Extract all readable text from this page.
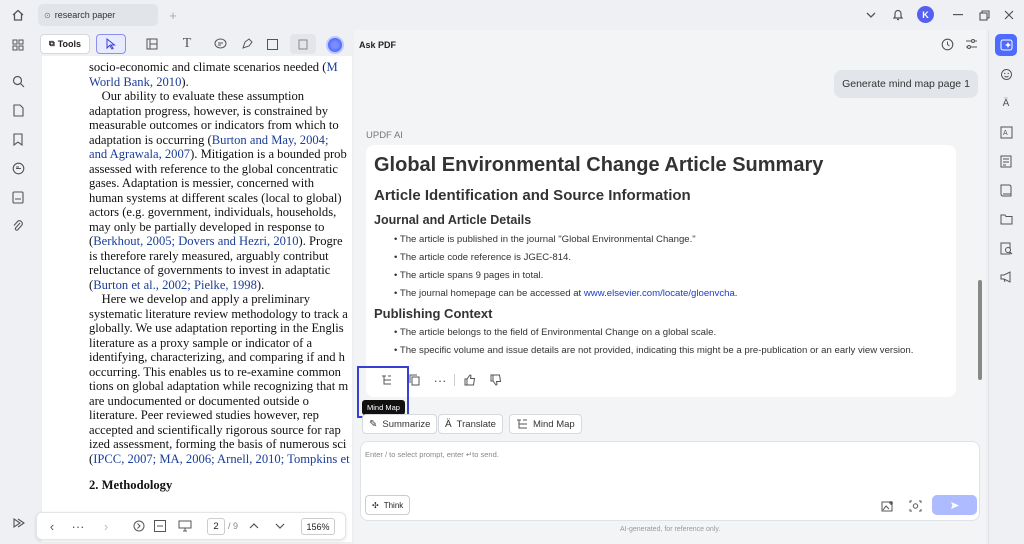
⊙ research paper	+	K
T
⧉ Tools
socio-economic and climate scenarios needed (M
World Bank, 2010).
Our ability to evaluate these assumption
adaptation progress, however, is constrained by
measurable outcomes or indicators from which to
adaptation is occurring (Burton and May, 2004;
and Agrawala, 2007). Mitigation is a bounded prob
assessed with reference to the global concentratic
gases. Adaptation is messier, concerned with
human systems at different scales (local to global)
actors (e.g. government, individuals, households,
may only be partially developed in response to
(Berkhout, 2005; Dovers and Hezri, 2010). Progre
is therefore rarely measured, arguably contribut
reluctance of governments to invest in adaptatic
(Burton et al., 2002; Pielke, 1998).
Here we develop and apply a preliminary
systematic literature review methodology to track a
globally. We use adaptation reporting in the Englis
literature as a proxy sample or indicator of a
identifying, characterizing, and comparing if and h
occurring. This enables us to re-examine common
tions on global adaptation while recognizing that m
are undocumented or documented outside o
literature. Peer reviewed studies however, rep
accepted and scientifically rigorous source for rap
ized assessment, forming the basis of numerous sci
(IPCC, 2007; MA, 2006; Arnell, 2010; Tompkins et
2. Methodology
‹	···	›	2	/ 9	156%
Ask PDF
UPDF AI
AI-generated, for reference only.
Generate mind map page 1
Global Environmental Change Article Summary
Article Identification and Source Information
Journal and Article Details
• The article is published in the journal "Global Environmental Change."
• The article code reference is JGEC-814.
• The article spans 9 pages in total.
• The journal homepage can be accessed at www.elsevier.com/locate/gloenvcha.
Publishing Context
• The article belongs to the field of Environmental Change on a global scale.
• The specific volume and issue details are not provided, indicating this might be a pre-publication or an early view version.
···
Mind Map
✎ Summarize Ä Translate	Mind Map
Enter / to select prompt, enter ↵to send.
✣ Think
Ä
A
